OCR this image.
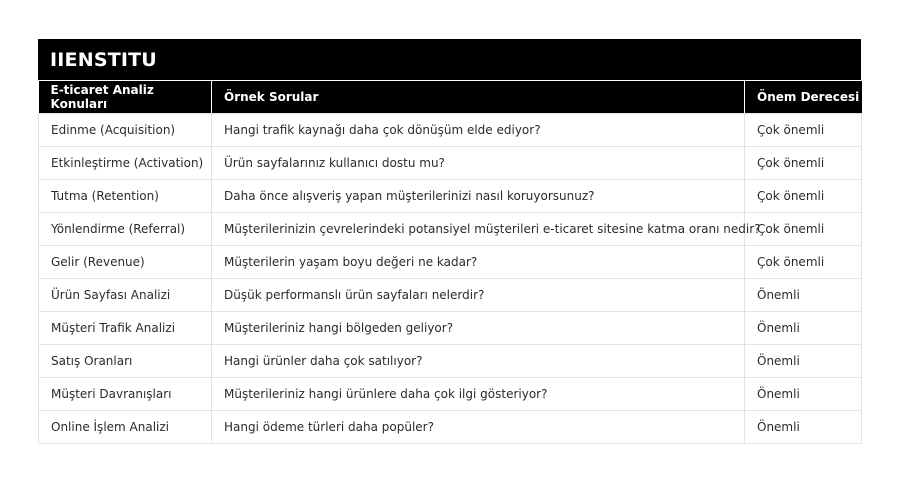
IIENSTITU
E-ticaret Analiz Konuları	Örnek Sorular	Önem Derecesi
Edinme (Acquisition)	Hangi trafik kaynağı daha çok dönüşüm elde ediyor?	Çok önemli
Etkinleştirme (Activation)	Ürün sayfalarınız kullanıcı dostu mu?	Çok önemli
Tutma (Retention)	Daha önce alışveriş yapan müşterilerinizi nasıl koruyorsunuz?	Çok önemli
Yönlendirme (Referral)	Müşterilerinizin çevrelerindeki potansiyel müşterileri e-ticaret sitesine katma oranı nedir?	Çok önemli
Gelir (Revenue)	Müşterilerin yaşam boyu değeri ne kadar?	Çok önemli
Ürün Sayfası Analizi	Düşük performanslı ürün sayfaları nelerdir?	Önemli
Müşteri Trafik Analizi	Müşterileriniz hangi bölgeden geliyor?	Önemli
Satış Oranları	Hangi ürünler daha çok satılıyor?	Önemli
Müşteri Davranışları	Müşterileriniz hangi ürünlere daha çok ilgi gösteriyor?	Önemli
Online İşlem Analizi	Hangi ödeme türleri daha popüler?	Önemli
